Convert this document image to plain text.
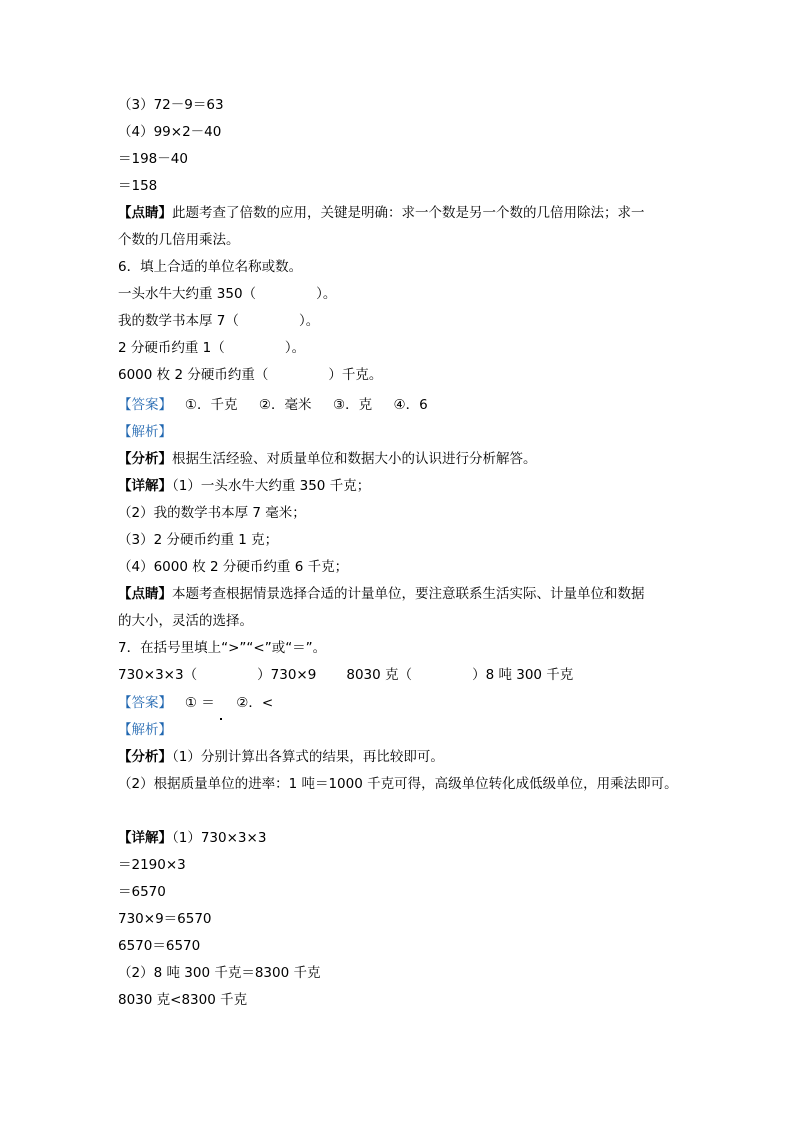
（3）72－9＝63
（4）99×2－40
＝198－40
＝158
【点睛】此题考查了倍数的应用，关键是明确：求一个数是另一个数的几倍用除法；求一
个数的几倍用乘法。
6．填上合适的单位名称或数。
一头水牛大约重 350（              ）。
我的数学书本厚 7（              ）。
2 分硬币约重 1（              ）。
6000 枚 2 分硬币约重（              ）千克。
【答案】   ①．千克     ②．毫米     ③．克     ④．6
【解析】
【分析】根据生活经验、对质量单位和数据大小的认识进行分析解答。
【详解】（1）一头水牛大约重 350 千克；
（2）我的数学书本厚 7 毫米；
（3）2 分硬币约重 1 克；
（4）6000 枚 2 分硬币约重 6 千克；
【点睛】本题考查根据情景选择合适的计量单位，要注意联系生活实际、计量单位和数据
的大小，灵活的选择。
7．在括号里填上“>”“<”或“＝”。
730×3×3（              ）730×9       8030 克（              ）8 吨 300 千克
【答案】   ① ＝     ②．<
【解析】
【分析】（1）分别计算出各算式的结果，再比较即可。
（2）根据质量单位的进率：1 吨＝1000 千克可得，高级单位转化成低级单位，用乘法即可。
【详解】（1）730×3×3
＝2190×3
＝6570
730×9＝6570
6570＝6570
（2）8 吨 300 千克＝8300 千克
8030 克<8300 千克
